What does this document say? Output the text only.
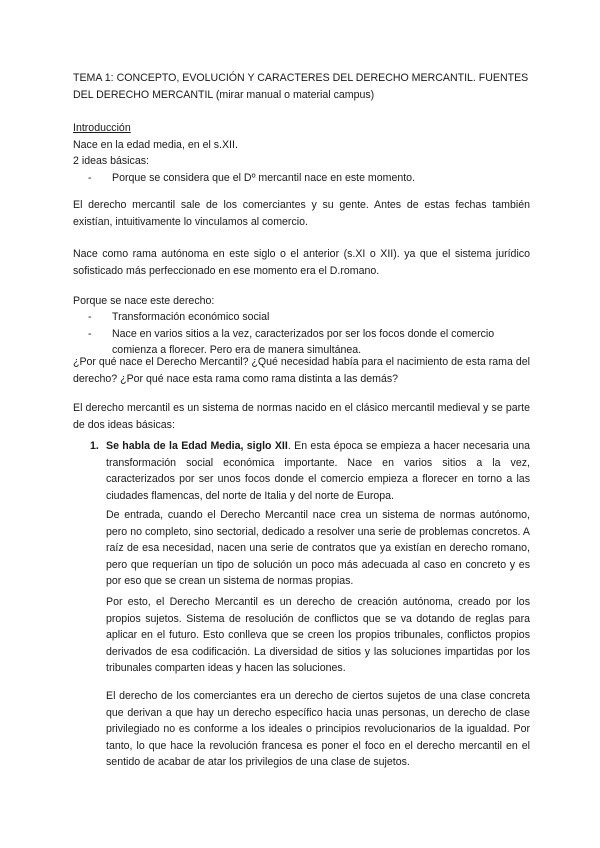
TEMA 1: CONCEPTO, EVOLUCIÓN Y CARACTERES DEL DERECHO MERCANTIL. FUENTES DEL DERECHO MERCANTIL (mirar manual o material campus)
Introducción
Nace en la edad media, en el s.XII.
2 ideas básicas:
- Porque se considera que el Dº mercantil nace en este momento.
El derecho mercantil sale de los comerciantes y su gente. Antes de estas fechas también existían, intuitivamente lo vinculamos al comercio.
Nace como rama autónoma en este siglo o el anterior (s.XI o XII). ya que el sistema jurídico sofisticado más perfeccionado en ese momento era el D.romano.
Porque se nace este derecho:
- Transformación económico social
- Nace en varios sitios a la vez, caracterizados por ser los focos donde el comercio comienza a florecer. Pero era de manera simultánea.
¿Por qué nace el Derecho Mercantil? ¿Qué necesidad había para el nacimiento de esta rama del derecho? ¿Por qué nace esta rama como rama distinta a las demás?
El derecho mercantil es un sistema de normas nacido en el clásico mercantil medieval y se parte de dos ideas básicas:
1. Se habla de la Edad Media, siglo XII. En esta época se empieza a hacer necesaria una transformación social económica importante. Nace en varios sitios a la vez, caracterizados por ser unos focos donde el comercio empieza a florecer en torno a las ciudades flamencas, del norte de Italia y del norte de Europa.
De entrada, cuando el Derecho Mercantil nace crea un sistema de normas autónomo, pero no completo, sino sectorial, dedicado a resolver una serie de problemas concretos. A raíz de esa necesidad, nacen una serie de contratos que ya existían en derecho romano, pero que requerían un tipo de solución un poco más adecuada al caso en concreto y es por eso que se crean un sistema de normas propias.
Por esto, el Derecho Mercantil es un derecho de creación autónoma, creado por los propios sujetos. Sistema de resolución de conflictos que se va dotando de reglas para aplicar en el futuro. Esto conlleva que se creen los propios tribunales, conflictos propios derivados de esa codificación. La diversidad de sitios y las soluciones impartidas por los tribunales comparten ideas y hacen las soluciones.
El derecho de los comerciantes era un derecho de ciertos sujetos de una clase concreta que derivan a que hay un derecho específico hacia unas personas, un derecho de clase privilegiado no es conforme a los ideales o principios revolucionarios de la igualdad. Por tanto, lo que hace la revolución francesa es poner el foco en el derecho mercantil en el sentido de acabar de atar los privilegios de una clase de sujetos.
